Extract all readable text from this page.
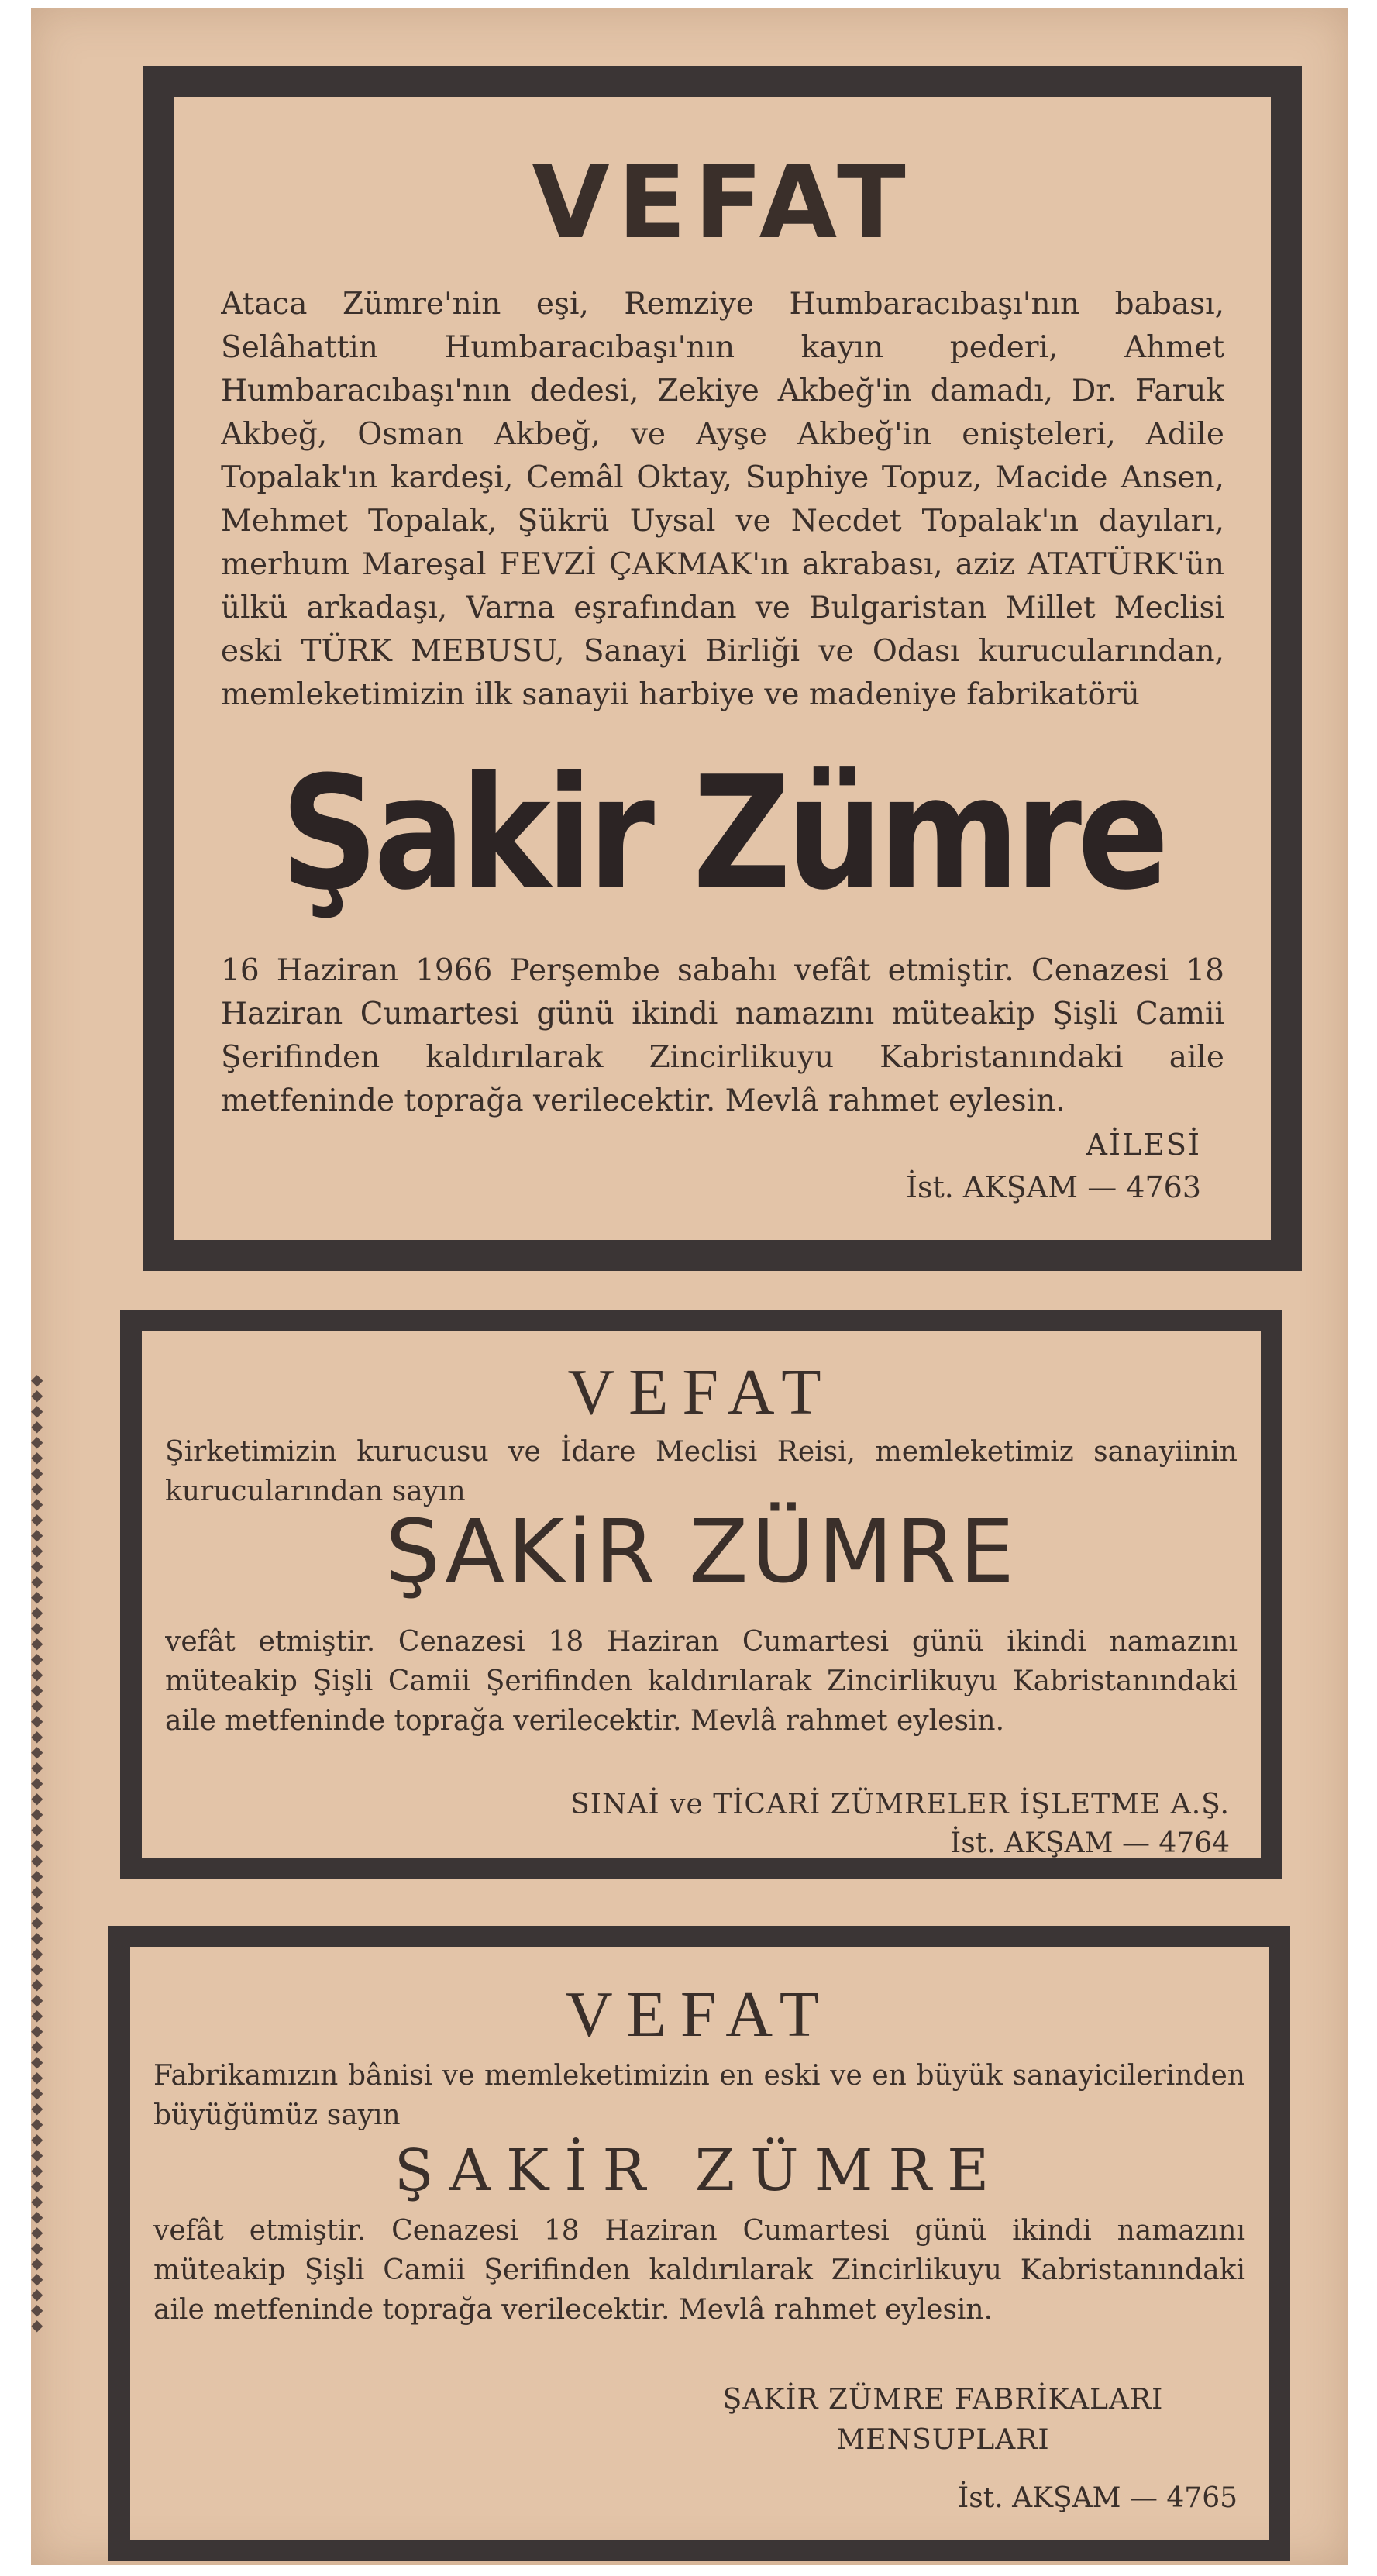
◆◆◆◆◆◆◆◆◆◆◆◆◆◆◆◆◆◆◆◆◆◆◆◆◆◆◆◆◆◆◆◆◆◆◆◆◆◆◆◆◆◆◆◆◆◆◆◆◆◆◆◆◆◆◆◆◆◆◆◆◆◆
VEFAT

Ataca Zümre'nin eşi, Remziye Humbaracıbaşı'nın babası, Selâhattin Humbaracıbaşı'nın kayın pederi, Ahmet Humbaracıbaşı'nın dedesi, Zekiye Akbeğ'in damadı, Dr. Faruk Akbeğ, Osman Akbeğ, ve Ayşe Akbeğ'in enişteleri, Adile Topalak'ın kardeşi, Cemâl Oktay, Suphiye Topuz, Macide Ansen, Mehmet Topalak, Şükrü Uysal ve Necdet Topalak'ın dayıları, merhum Mareşal FEVZİ ÇAKMAK'ın akrabası, aziz ATATÜRK'ün ülkü arkadaşı, Varna eşrafından ve Bulgaristan Millet Meclisi eski TÜRK MEBUSU, Sanayi Birliği ve Odası kurucularından, memleketimizin ilk sanayii harbiye ve madeniye fabrikatörü

Şakir Zümre

16 Haziran 1966 Perşembe sabahı vefât etmiştir. Cenazesi 18 Haziran Cumartesi günü ikindi namazını müteakip Şişli Camii Şerifinden kaldırılarak Zincirlikuyu Kabristanındaki aile metfeninde toprağa verilecektir. Mevlâ rahmet eylesin.

AİLESİ
İst. AKŞAM — 4763
VEFAT

Şirketimizin kurucusu ve İdare Meclisi Reisi, memleketimiz sanayiinin kurucularından sayın

ŞAKiR ZÜMRE

vefât etmiştir. Cenazesi 18 Haziran Cumartesi günü ikindi namazını müteakip Şişli Camii Şerifinden kaldırılarak Zincirlikuyu Kabristanındaki aile metfeninde toprağa verilecektir. Mevlâ rahmet eylesin.

SINAİ ve TİCARİ ZÜMRELER İŞLETME A.Ş.
İst. AKŞAM — 4764
VEFAT

Fabrikamızın bânisi ve memleketimizin en eski ve en büyük sanayicilerinden büyüğümüz sayın

ŞAKİR ZÜMRE

vefât etmiştir. Cenazesi 18 Haziran Cumartesi günü ikindi namazını müteakip Şişli Camii Şerifinden kaldırılarak Zincirlikuyu Kabristanındaki aile metfeninde toprağa verilecektir. Mevlâ rahmet eylesin.

ŞAKİR ZÜMRE FABRİKALARI MENSUPLARI
İst. AKŞAM — 4765
